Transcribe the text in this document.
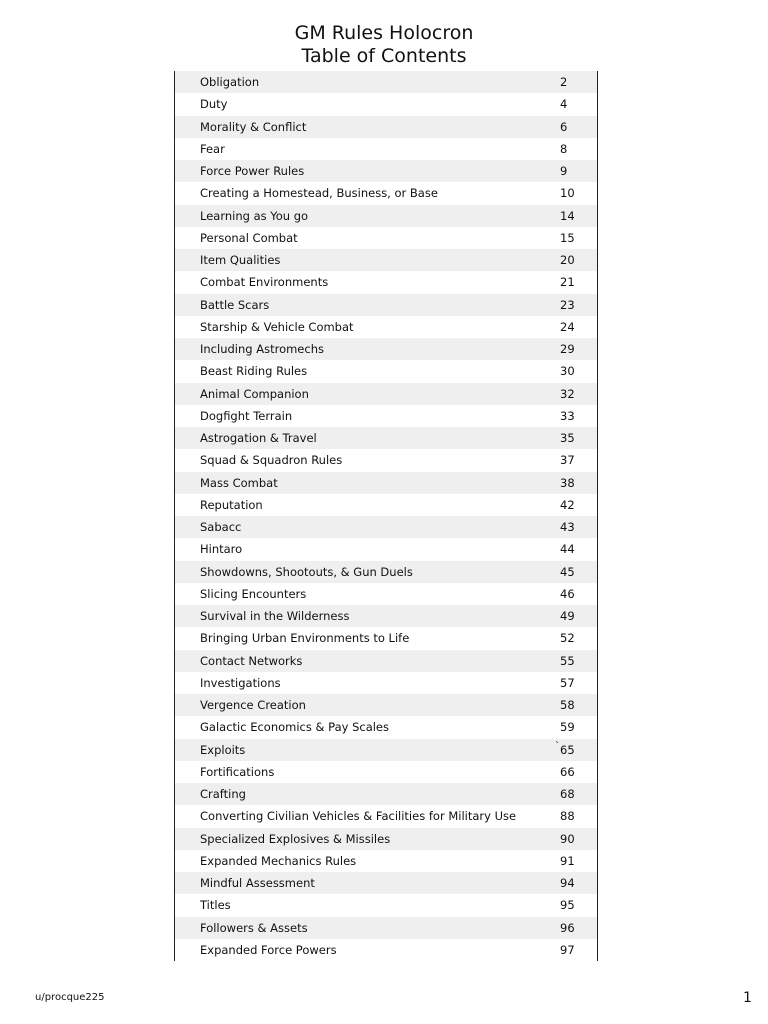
GM Rules Holocron
Table of Contents
Obligation	2
Duty	4
Morality & Conflict	6
Fear	8
Force Power Rules	9
Creating a Homestead, Business, or Base	10
Learning as You go	14
Personal Combat	15
Item Qualities	20
Combat Environments	21
Battle Scars	23
Starship & Vehicle Combat	24
Including Astromechs	29
Beast Riding Rules	30
Animal Companion	32
Dogfight Terrain	33
Astrogation & Travel	35
Squad & Squadron Rules	37
Mass Combat	38
Reputation	42
Sabacc	43
Hintaro	44
Showdowns, Shootouts, & Gun Duels	45
Slicing Encounters	46
Survival in the Wilderness	49
Bringing Urban Environments to Life	52
Contact Networks	55
Investigations	57
Vergence Creation	58
Galactic Economics & Pay Scales	59
Exploits	` 65
Fortifications	66
Crafting	68
Converting Civilian Vehicles & Facilities for Military Use	88
Specialized Explosives & Missiles	90
Expanded Mechanics Rules	91
Mindful Assessment	94
Titles	95
Followers & Assets	96
Expanded Force Powers	97
u/procque225	1
